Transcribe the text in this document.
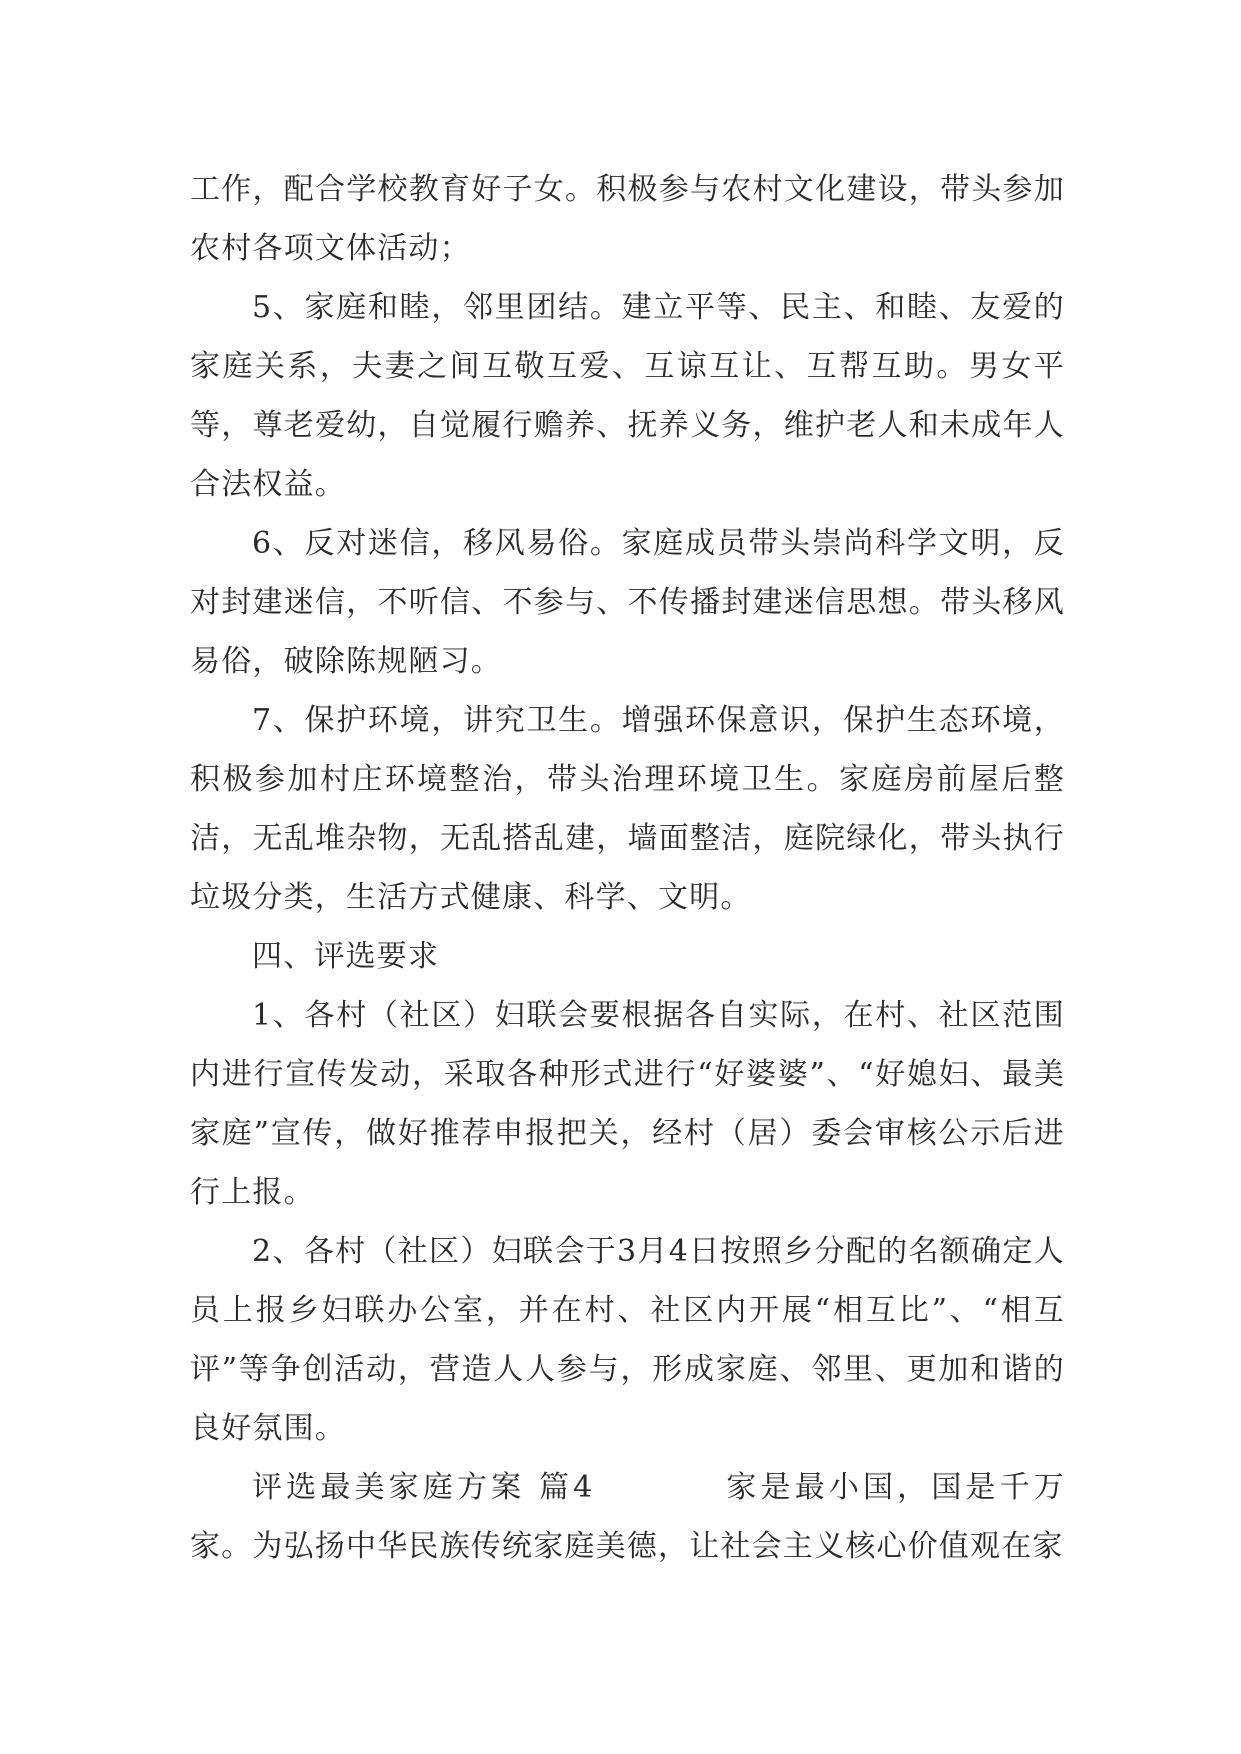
工作，配合学校教育好子女。积极参与农村文化建设，带头参加农村各项文体活动；

5、家庭和睦，邻里团结。建立平等、民主、和睦、友爱的家庭关系，夫妻之间互敬互爱、互谅互让、互帮互助。男女平等，尊老爱幼，自觉履行赡养、抚养义务，维护老人和未成年人合法权益。

6、反对迷信，移风易俗。家庭成员带头崇尚科学文明，反对封建迷信，不听信、不参与、不传播封建迷信思想。带头移风易俗，破除陈规陋习。

7、保护环境，讲究卫生。增强环保意识，保护生态环境，积极参加村庄环境整治，带头治理环境卫生。家庭房前屋后整洁，无乱堆杂物，无乱搭乱建，墙面整洁，庭院绿化，带头执行垃圾分类，生活方式健康、科学、文明。

四、评选要求

1、各村（社区）妇联会要根据各自实际，在村、社区范围内进行宣传发动，采取各种形式进行“好婆婆”、“好媳妇、最美家庭”宣传，做好推荐申报把关，经村（居）委会审核公示后进行上报。

2、各村（社区）妇联会于3月4日按照乡分配的名额确定人员上报乡妇联办公室，并在村、社区内开展“相互比”、“相互评”等争创活动，营造人人参与，形成家庭、邻里、更加和谐的良好氛围。

评选最美家庭方案 篇4	家是最小国，国是千万家。为弘扬中华民族传统家庭美德，让社会主义核心价值观在家
